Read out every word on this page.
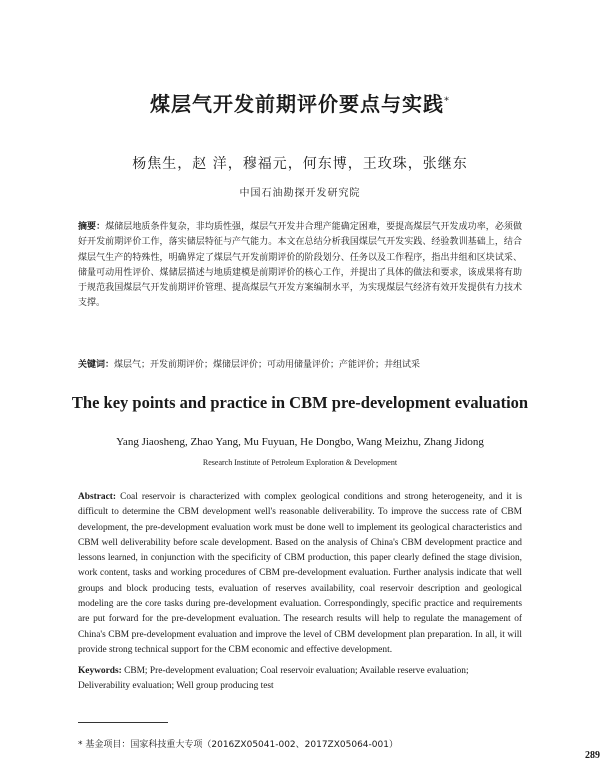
煤层气开发前期评价要点与实践*
杨焦生，赵 洋，穆福元，何东博，王玫珠，张继东
中国石油勘探开发研究院
摘要：煤储层地质条件复杂，非均质性强，煤层气开发井合理产能确定困难，要提高煤层气开发成功率，必须做好开发前期评价工作，落实储层特征与产气能力。本文在总结分析我国煤层气开发实践、经验教训基础上，结合煤层气生产的特殊性，明确界定了煤层气开发前期评价的阶段划分、任务以及工作程序，指出井组和区块试采、储量可动用性评价、煤储层描述与地质建模是前期评价的核心工作，并提出了具体的做法和要求，该成果将有助于规范我国煤层气开发前期评价管理、提高煤层气开发方案编制水平，为实现煤层气经济有效开发提供有力技术支撑。
关键词：煤层气；开发前期评价；煤储层评价；可动用储量评价；产能评价；井组试采
The key points and practice in CBM pre-development evaluation
Yang Jiaosheng, Zhao Yang, Mu Fuyuan, He Dongbo, Wang Meizhu, Zhang Jidong
Research Institute of Petroleum Exploration & Development
Abstract: Coal reservoir is characterized with complex geological conditions and strong heterogeneity, and it is difficult to determine the CBM development well's reasonable deliverability. To improve the success rate of CBM development, the pre-development evaluation work must be done well to implement its geological characteristics and CBM well deliverability before scale development. Based on the analysis of China's CBM development practice and lessons learned, in conjunction with the specificity of CBM production, this paper clearly defined the stage division, work content, tasks and working procedures of CBM pre-development evaluation. Further analysis indicate that well groups and block producing tests, evaluation of reserves availability, coal reservoir description and geological modeling are the core tasks during pre-development evaluation. Correspondingly, specific practice and requirements are put forward for the pre-development evaluation. The research results will help to regulate the management of China's CBM pre-development evaluation and improve the level of CBM development plan preparation. In all, it will provide strong technical support for the CBM economic and effective development.
Keywords: CBM; Pre-development evaluation; Coal reservoir evaluation; Available reserve evaluation; Deliverability evaluation; Well group producing test
* 基金项目：国家科技重大专项（2016ZX05041-002、2017ZX05064-001）
289
